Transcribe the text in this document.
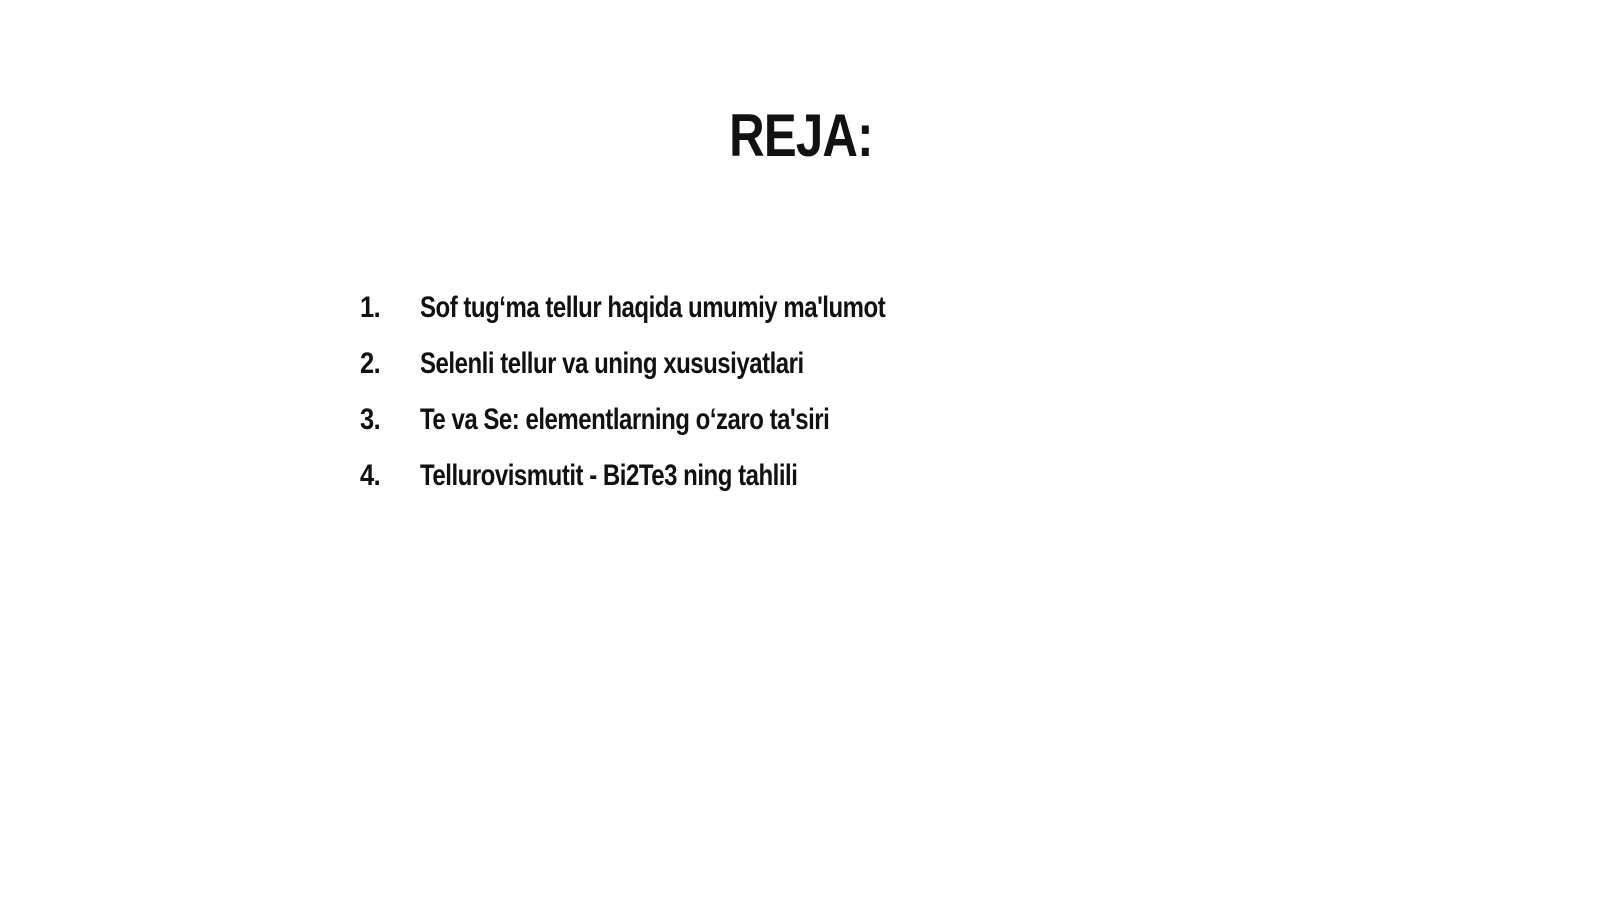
REJA:
1.	Sof tug‘ma tellur haqida umumiy ma'lumot
2.	Selenli tellur va uning xususiyatlari
3.	Te va Se: elementlarning o‘zaro ta'siri
4.	Tellurovismutit - Bi2Te3 ning tahlili
